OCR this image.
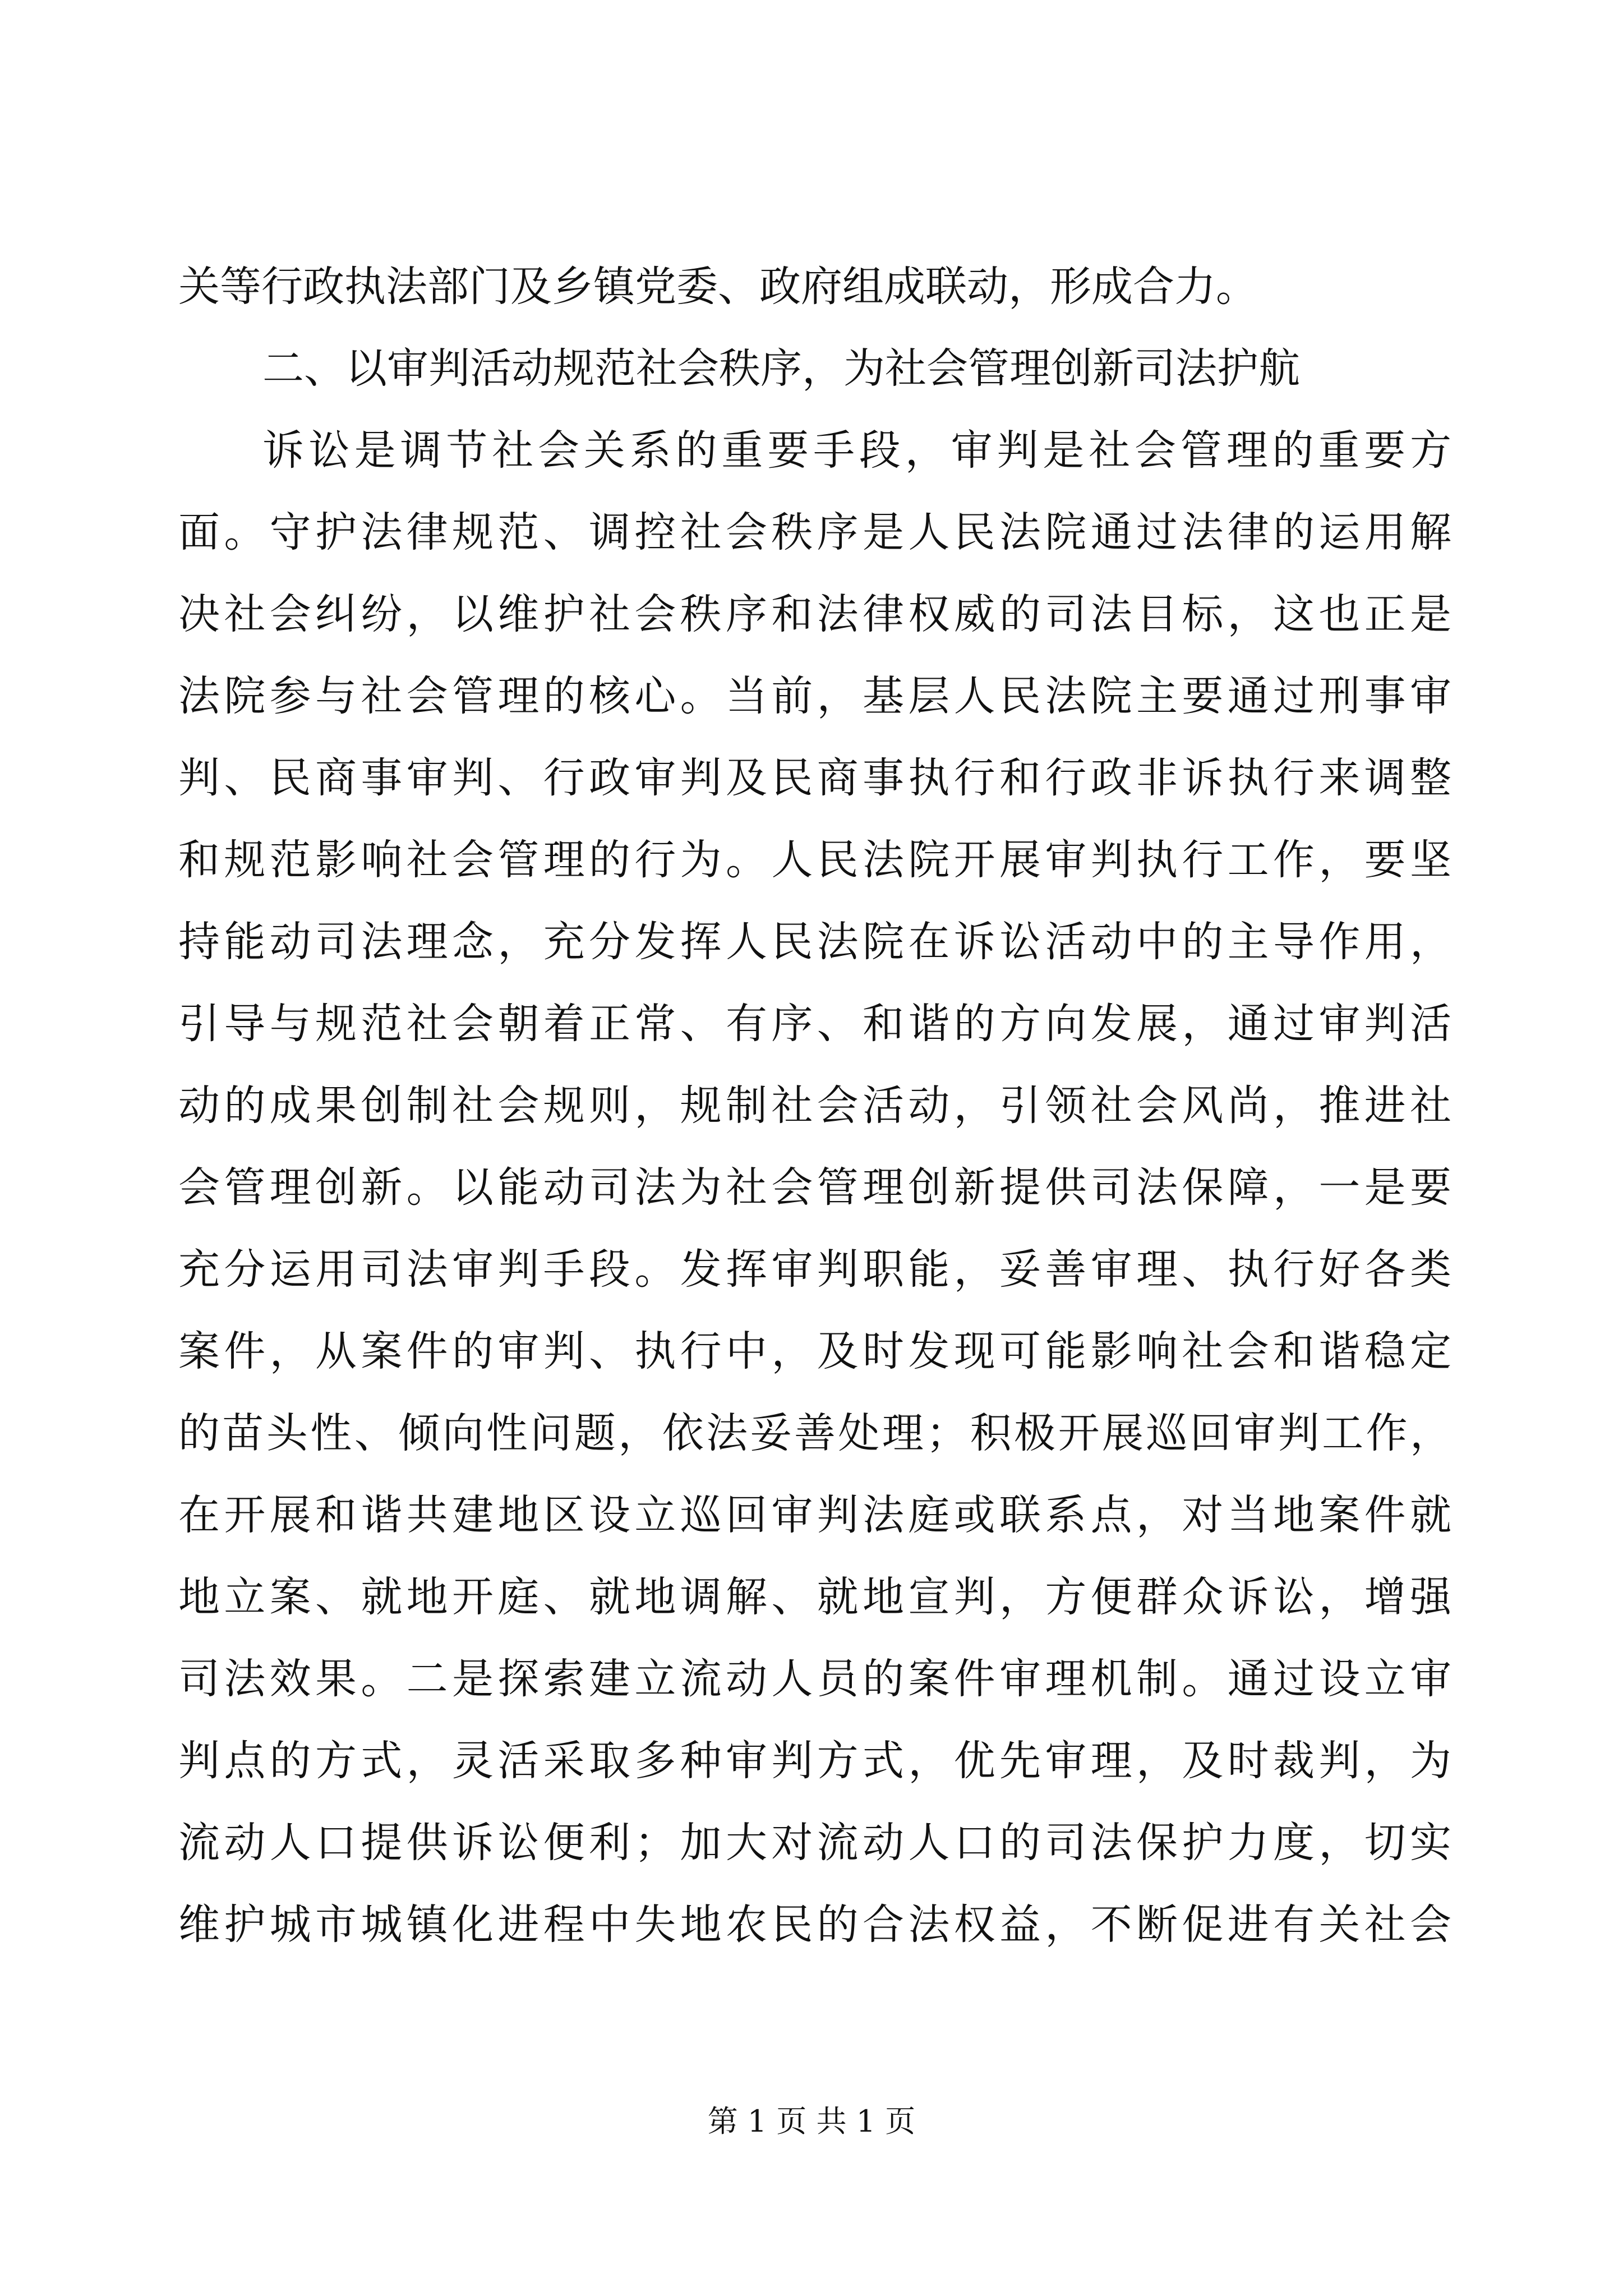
关等行政执法部门及乡镇党委、政府组成联动，形成合力。
二、以审判活动规范社会秩序，为社会管理创新司法护航
诉讼是调节社会关系的重要手段，审判是社会管理的重要方
面。守护法律规范、调控社会秩序是人民法院通过法律的运用解
决社会纠纷，以维护社会秩序和法律权威的司法目标，这也正是
法院参与社会管理的核心。当前，基层人民法院主要通过刑事审
判、民商事审判、行政审判及民商事执行和行政非诉执行来调整
和规范影响社会管理的行为。人民法院开展审判执行工作，要坚
持能动司法理念，充分发挥人民法院在诉讼活动中的主导作用，
引导与规范社会朝着正常、有序、和谐的方向发展，通过审判活
动的成果创制社会规则，规制社会活动，引领社会风尚，推进社
会管理创新。以能动司法为社会管理创新提供司法保障，一是要
充分运用司法审判手段。发挥审判职能，妥善审理、执行好各类
案件，从案件的审判、执行中，及时发现可能影响社会和谐稳定
的苗头性、倾向性问题，依法妥善处理；积极开展巡回审判工作，
在开展和谐共建地区设立巡回审判法庭或联系点，对当地案件就
地立案、就地开庭、就地调解、就地宣判，方便群众诉讼，增强
司法效果。二是探索建立流动人员的案件审理机制。通过设立审
判点的方式，灵活采取多种审判方式，优先审理，及时裁判，为
流动人口提供诉讼便利；加大对流动人口的司法保护力度，切实
维护城市城镇化进程中失地农民的合法权益，不断促进有关社会
第 1 页 共 1 页
